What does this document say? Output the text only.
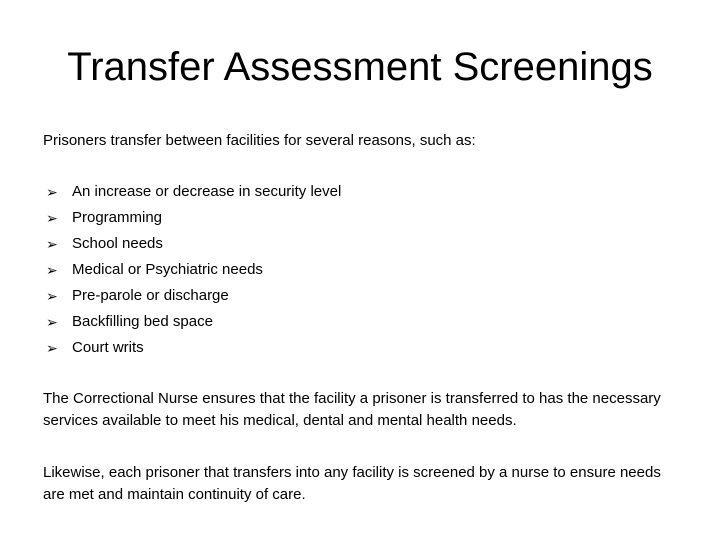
Transfer Assessment Screenings
Prisoners transfer between facilities for several reasons, such as:
➢ An increase or decrease in security level
➢ Programming
➢ School needs
➢ Medical or Psychiatric needs
➢ Pre-parole or discharge
➢ Backfilling bed space
➢ Court writs
The Correctional Nurse ensures that the facility a prisoner is transferred to has the necessary services available to meet his medical, dental and mental health needs.
Likewise, each prisoner that transfers into any facility is screened by a nurse to ensure needs are met and maintain continuity of care.
